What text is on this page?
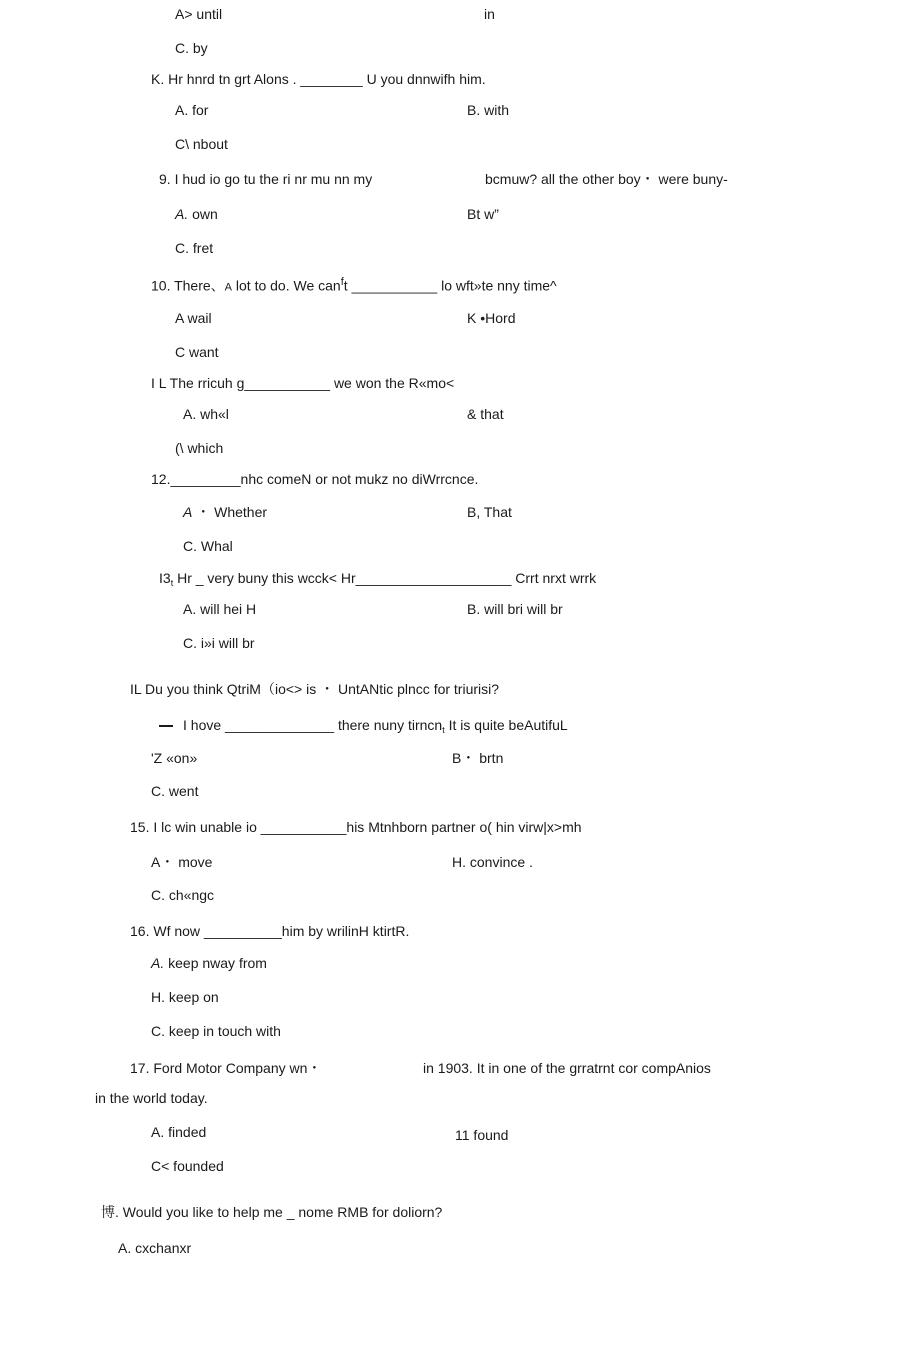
A> until	in
C. by
K. Hr hnrd tn grt Alons . ________ U you dnnwifh him.
A. for	B. with
C\ nbout
9. I hud io go tu the ri nr mu nn my	bcmuw? all the other boy・ were buny-
A. own	Bt w”
C. fret
10. There、A lot to do. We can$^f$t ___________ lo wft»te nny time^
A wail	K •Hord
C want
I L The rricuh g___________ we won the R«mo<
A. wh«l	& that
(\ which
12._________nhc comeN or not mukz no diWrrcnce.
A ・ Whether	B, That
C. Whal
$I3_t$ Hr _ very buny this wcck< Hr____________________ Crrt nrxt wrrk
A. will hei H	B. will bri will br
C. i»i will br
IL Du you think QtriM（io<> is ・ UntANtic plncc for triurisi?
I hove ______________ there nuny tirncn$_t$ It is quite beAutifuL
'Z «on»	B・ brtn
C. went
15. I lc win unable io ___________his Mtnhborn partner o( hin virw|x>mh
A・ move	H. convince .
C. ch«ngc
16. Wf now __________him by wrilinH ktirtR.
A. keep nway from
H. keep on
C. keep in touch with
17. Ford Motor Company wn・	in 1903. It in one of the grratrnt cor compAnios
in the world today.
A. finded	11 found
C< founded
博. Would you like to help me _ nome RMB for doliorn?
A. cxchanxr
